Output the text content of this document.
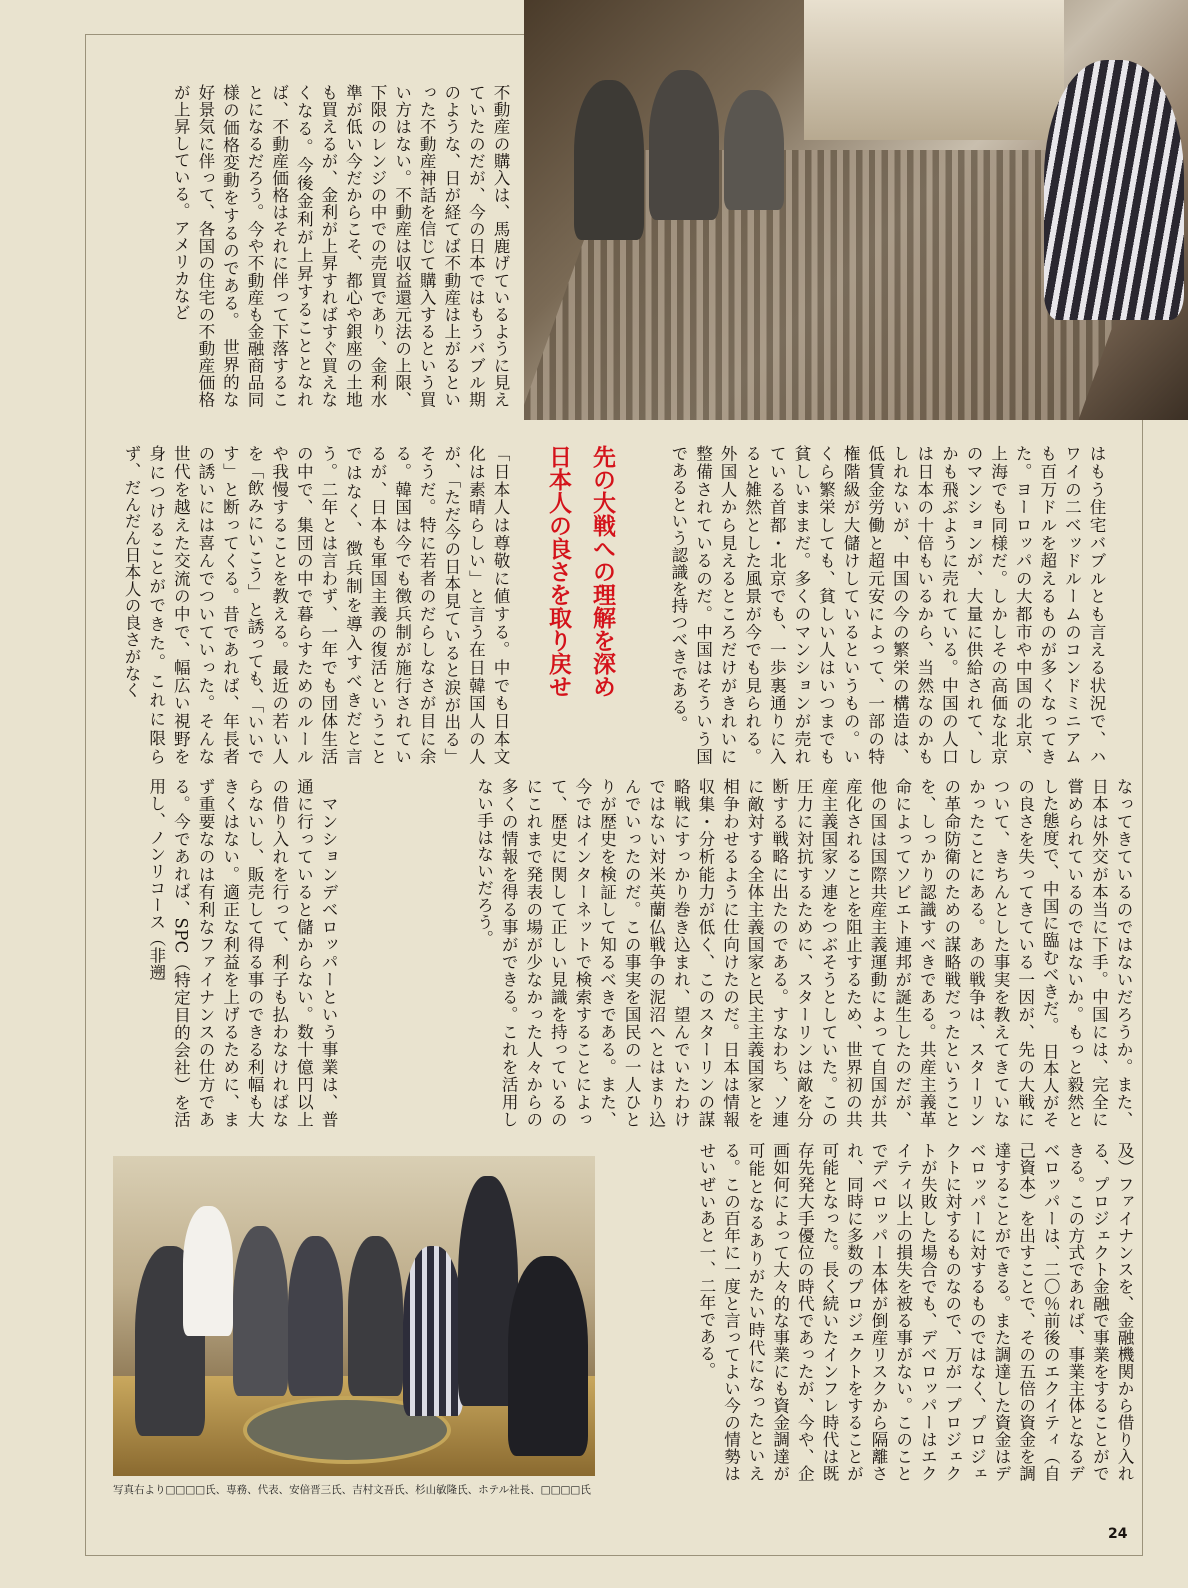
不動産の購入は、馬鹿げているように見えていたのだが、今の日本ではもうバブル期のような、日が経てば不動産は上がるといった不動産神話を信じて購入するという買い方はない。不動産は収益還元法の上限、下限のレンジの中での売買であり、金利水準が低い今だからこそ、都心や銀座の土地も買えるが、金利が上昇すればすぐ買えなくなる。今後金利が上昇することとなれば、不動産価格はそれに伴って下落することになるだろう。今や不動産も金融商品同様の価格変動をするのである。　世界的な好景気に伴って、各国の住宅の不動産価格が上昇している。アメリカなど

はもう住宅バブルとも言える状況で、ハワイの二ベッドルームのコンドミニアムも百万ドルを超えるものが多くなってきた。ヨーロッパの大都市や中国の北京、上海でも同様だ。しかしその高価な北京のマンションが、大量に供給されて、しかも飛ぶように売れている。中国の人口は日本の十倍もいるから、当然なのかもしれないが、中国の今の繁栄の構造は、低賃金労働と超元安によって、一部の特権階級が大儲けしているというもの。いくら繁栄しても、貧しい人はいつまでも貧しいままだ。多くのマンションが売れている首都・北京でも、一歩裏通りに入ると雑然とした風景が今でも見られる。外国人から見えるところだけがきれいに整備されているのだ。中国はそういう国であるという認識を持つべきである。

先の大戦への理解を深め
日本人の良さを取り戻せ

「日本人は尊敬に値する。中でも日本文化は素晴らしい」と言う在日韓国人の人が、「ただ今の日本見ていると涙が出る」そうだ。特に若者のだらしなさが目に余る。韓国は今でも徴兵制が施行されているが、日本も軍国主義の復活ということではなく、徴兵制を導入すべきだと言う。二年とは言わず、一年でも団体生活の中で、集団の中で暮らすためのルールや我慢することを教える。最近の若い人を「飲みにいこう」と誘っても、「いいです」と断ってくる。昔であれば、年長者の誘いには喜んでついていった。そんな世代を越えた交流の中で、幅広い視野を身につけることができた。これに限らず、だんだん日本人の良さがなく

なってきているのではないだろうか。また、日本は外交が本当に下手。中国には、完全に嘗められているのではないか。もっと毅然とした態度で、中国に臨むべきだ。　日本人がその良さを失ってきている一因が、先の大戦について、きちんとした事実を教えてきていなかったことにある。あの戦争は、スターリンの革命防衛のための謀略戦だったということを、しっかり認識すべきである。共産主義革命によってソビエト連邦が誕生したのだが、他の国は国際共産主義運動によって自国が共産化されることを阻止するため、世界初の共産主義国家ソ連をつぶそうとしていた。この圧力に対抗するために、スターリンは敵を分断する戦略に出たのである。すなわち、ソ連に敵対する全体主義国家と民主主義国家とを相争わせるように仕向けたのだ。日本は情報収集・分析能力が低く、このスターリンの謀略戦にすっかり巻き込まれ、望んでいたわけではない対米英蘭仏戦争の泥沼へとはまり込んでいったのだ。この事実を国民の一人ひとりが歴史を検証して知るべきである。また、今ではインターネットで検索することによって、歴史に関して正しい見識を持っているのにこれまで発表の場が少なかった人々からの多くの情報を得る事ができる。これを活用しない手はないだろう。

　マンションデベロッパーという事業は、普通に行っていると儲からない。数十億円以上の借り入れを行って、利子も払わなければならないし、販売して得る事のできる利幅も大きくはない。適正な利益を上げるために、まず重要なのは有利なファイナンスの仕方である。今であれば、SPC（特定目的会社）を活用し、ノンリコース（非遡

及）ファイナンスを、金融機関から借り入れる、プロジェクト金融で事業をすることができる。この方式であれば、事業主体となるデベロッパーは、二〇％前後のエクイティ（自己資本）を出すことで、その五倍の資金を調達することができる。また調達した資金はデベロッパーに対するものではなく、プロジェクトに対するものなので、万が一プロジェクトが失敗した場合でも、デベロッパーはエクイティ以上の損失を被る事がない。このことでデベロッパー本体が倒産リスクから隔離され、同時に多数のプロジェクトをすることが可能となった。長く続いたインフレ時代は既存先発大手優位の時代であったが、今や、企画如何によって大々的な事業にも資金調達が可能となるありがたい時代になったといえる。この百年に一度と言ってよい今の情勢はせいぜいあと一、二年である。

写真右より□□□□氏、専務、代表、安倍晋三氏、吉村文吾氏、杉山敏隆氏、ホテル社長、□□□□氏
24
